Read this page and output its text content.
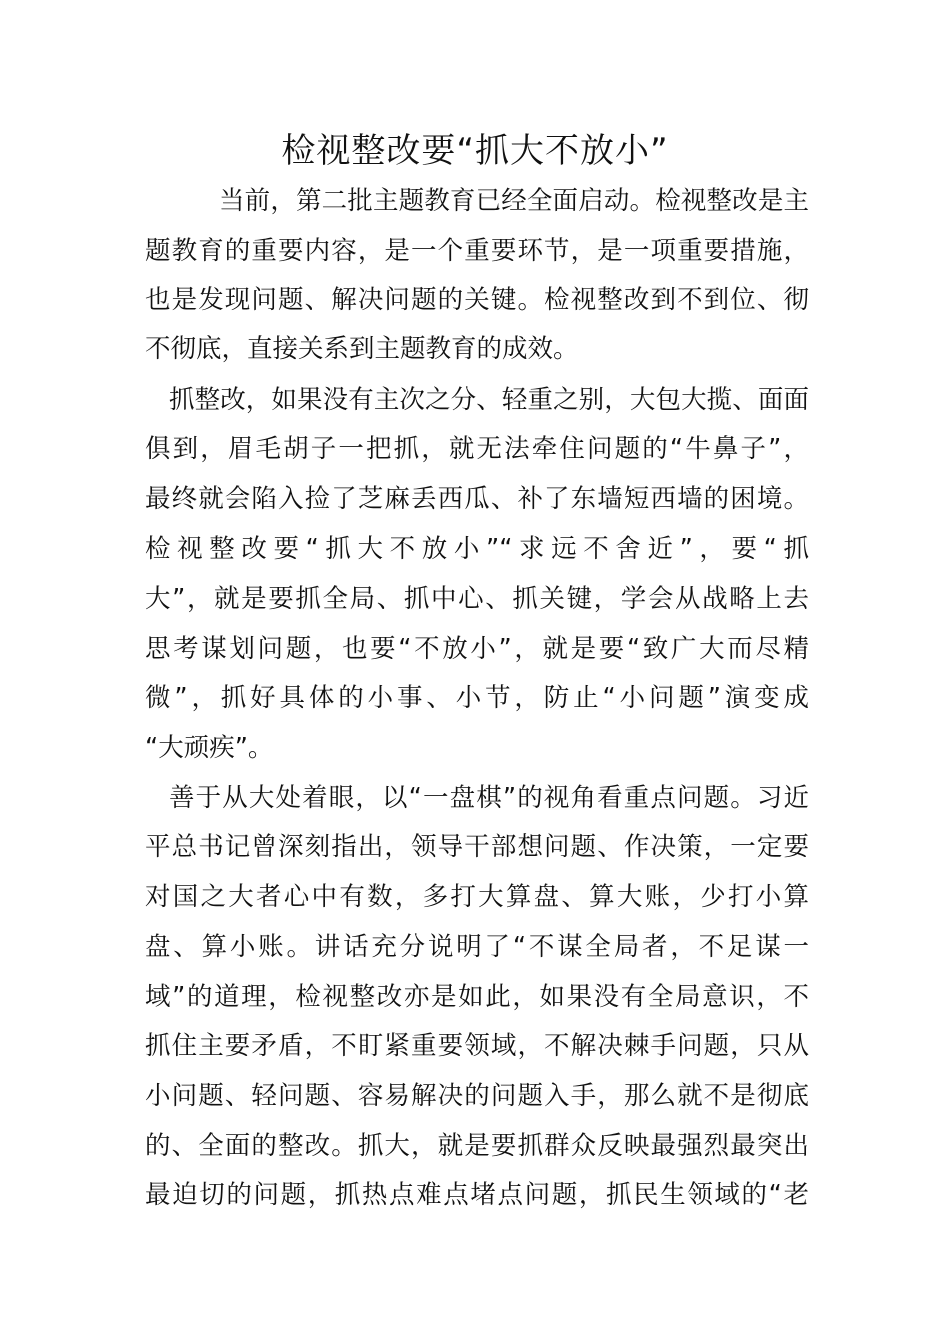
检视整改要“抓大不放小”
当前，第二批主题教育已经全面启动。检视整改是主
题教育的重要内容，是一个重要环节，是一项重要措施，
也是发现问题、解决问题的关键。检视整改到不到位、彻
不彻底，直接关系到主题教育的成效。
抓整改，如果没有主次之分、轻重之别，大包大揽、面面
俱到，眉毛胡子一把抓，就无法牵住问题的“牛鼻子”，
最终就会陷入捡了芝麻丢西瓜、补了东墙短西墙的困境。
检视整改要“抓大不放小”“求远不舍近”，要“抓
大”，就是要抓全局、抓中心、抓关键，学会从战略上去
思考谋划问题，也要“不放小”，就是要“致广大而尽精
微”，抓好具体的小事、小节，防止“小问题”演变成
“大顽疾”。
善于从大处着眼，以“一盘棋”的视角看重点问题。习近
平总书记曾深刻指出，领导干部想问题、作决策，一定要
对国之大者心中有数，多打大算盘、算大账，少打小算
盘、算小账。讲话充分说明了“不谋全局者，不足谋一
域”的道理，检视整改亦是如此，如果没有全局意识，不
抓住主要矛盾，不盯紧重要领域，不解决棘手问题，只从
小问题、轻问题、容易解决的问题入手，那么就不是彻底
的、全面的整改。抓大，就是要抓群众反映最强烈最突出
最迫切的问题，抓热点难点堵点问题，抓民生领域的“老
